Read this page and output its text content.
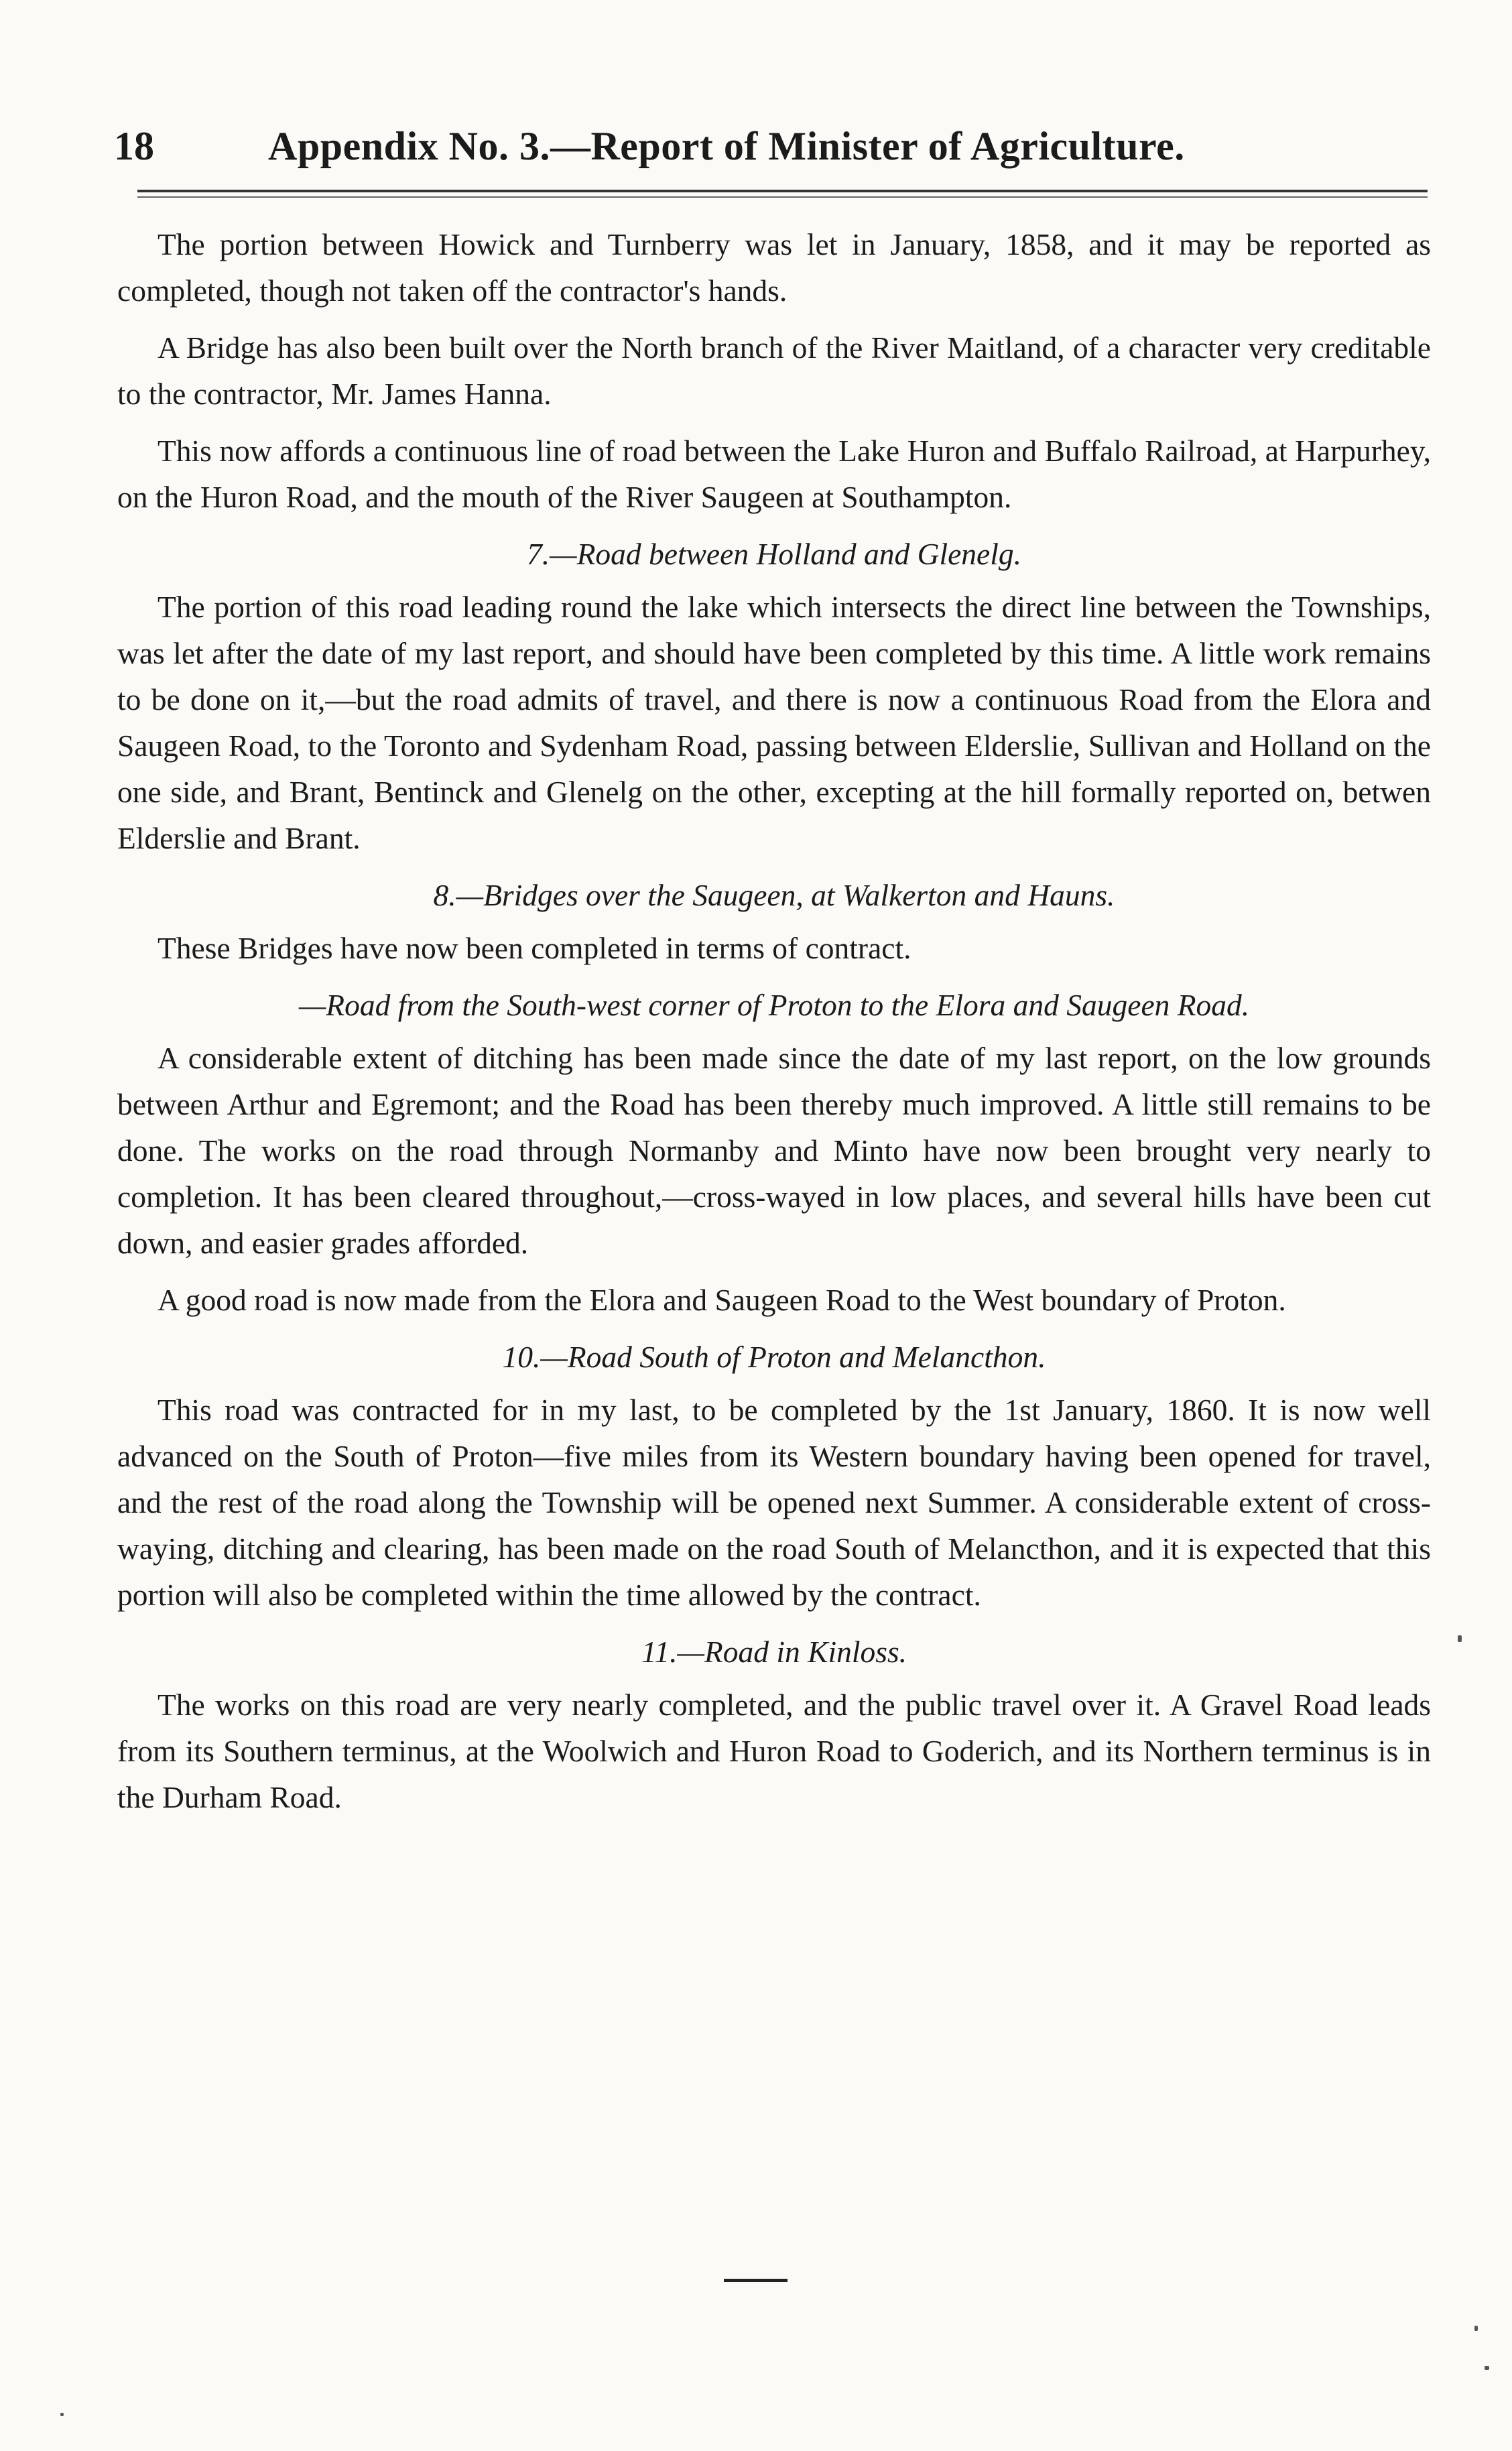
18	Appendix No. 3.—Report of Minister of Agriculture.

The portion between Howick and Turnberry was let in January, 1858, and it may be reported as completed, though not taken off the contractor's hands.

A Bridge has also been built over the North branch of the River Maitland, of a character very creditable to the contractor, Mr. James Hanna.

This now affords a continuous line of road between the Lake Huron and Buffalo Railroad, at Harpurhey, on the Huron Road, and the mouth of the River Saugeen at Southampton.

7.—Road between Holland and Glenelg.

The portion of this road leading round the lake which intersects the direct line between the Townships, was let after the date of my last report, and should have been completed by this time. A little work remains to be done on it,—but the road admits of travel, and there is now a continuous Road from the Elora and Saugeen Road, to the Toronto and Sydenham Road, passing between Elderslie, Sullivan and Holland on the one side, and Brant, Bentinck and Glenelg on the other, excepting at the hill formally reported on, betwen Elderslie and Brant.

8.—Bridges over the Saugeen, at Walkerton and Hauns.

These Bridges have now been completed in terms of contract.

—Road from the South-west corner of Proton to the Elora and Saugeen Road.

A considerable extent of ditching has been made since the date of my last report, on the low grounds between Arthur and Egremont; and the Road has been thereby much improved. A little still remains to be done. The works on the road through Normanby and Minto have now been brought very nearly to completion. It has been cleared throughout,—cross-wayed in low places, and several hills have been cut down, and easier grades afforded.

A good road is now made from the Elora and Saugeen Road to the West boundary of Proton.

10.—Road South of Proton and Melancthon.

This road was contracted for in my last, to be completed by the 1st January, 1860. It is now well advanced on the South of Proton—five miles from its Western boundary having been opened for travel, and the rest of the road along the Township will be opened next Summer. A considerable extent of cross-waying, ditching and clearing, has been made on the road South of Melancthon, and it is expected that this portion will also be completed within the time allowed by the contract.

11.—Road in Kinloss.

The works on this road are very nearly completed, and the public travel over it. A Gravel Road leads from its Southern terminus, at the Woolwich and Huron Road to Goderich, and its Northern terminus is in the Durham Road.
